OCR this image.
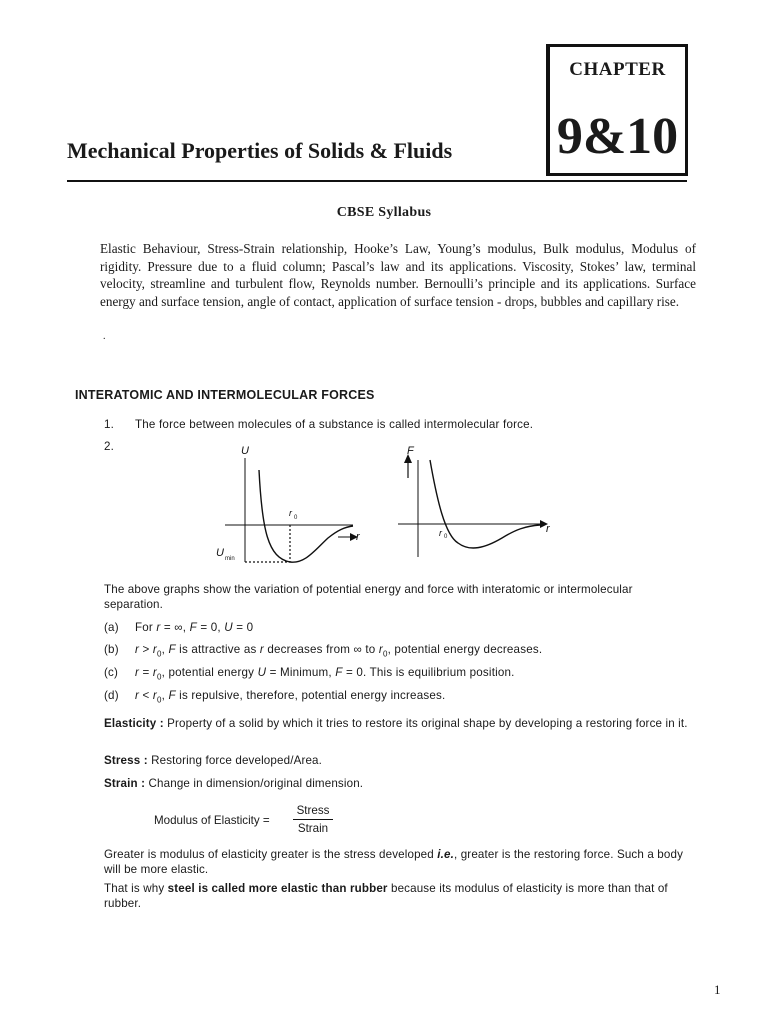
CHAPTER
9&10
Mechanical Properties of Solids & Fluids
CBSE Syllabus
Elastic Behaviour, Stress-Strain relationship, Hooke’s Law, Young’s modulus, Bulk modulus, Modulus of rigidity. Pressure due to a fluid column; Pascal’s law and its applications. Viscosity, Stokes’ law, terminal velocity, streamline and turbulent flow, Reynolds number. Bernoulli’s principle and its applications. Surface energy and surface tension, angle of contact, application of surface tension - drops, bubbles and capillary rise.
.
INTERATOMIC AND INTERMOLECULAR FORCES
1. The force between molecules of a substance is called intermolecular force.
2.	U
r
r 0
U min
F
r
r 0
The above graphs show the variation of potential energy and force with interatomic or intermolecular separation.
(a) For r = ∞, F = 0, U = 0
(b) $r > r_0$, F is attractive as r decreases from ∞ to $r_0$, potential energy decreases.
(c) $r = r_0$, potential energy U = Minimum, F = 0. This is equilibrium position.
(d) $r < r_0$, F is repulsive, therefore, potential energy increases.
Elasticity : Property of a solid by which it tries to restore its original shape by developing a restoring force in it.
Stress : Restoring force developed/Area.
Strain : Change in dimension/original dimension.
Modulus of Elasticity =
Stress
Strain
Greater is modulus of elasticity greater is the stress developed i.e., greater is the restoring force. Such a body will be more elastic.
That is why steel is called more elastic than rubber because its modulus of elasticity is more than that of rubber.
1
